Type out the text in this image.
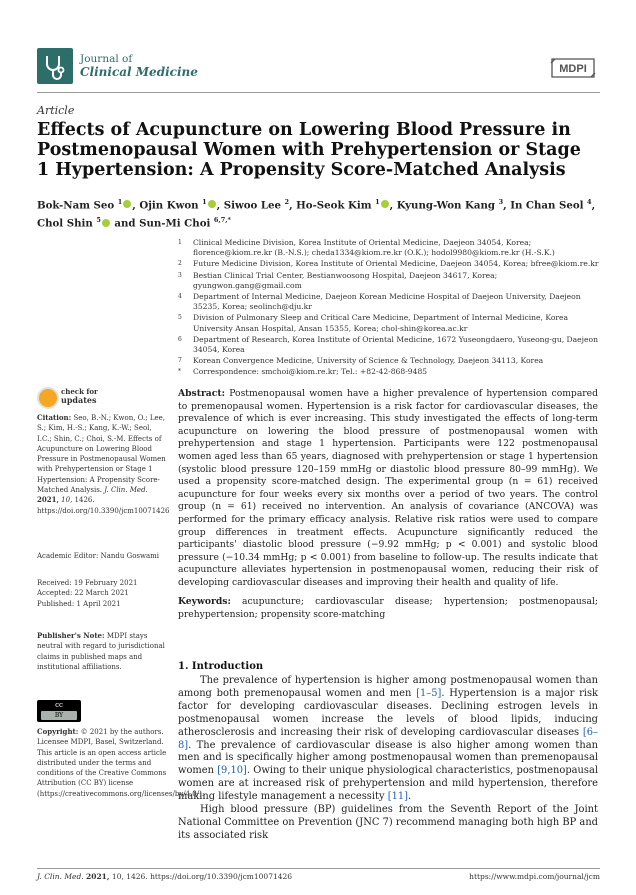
Journal of
Clinical Medicine	MDPI
Article
Effects of Acupuncture on Lowering Blood Pressure in Postmenopausal Women with Prehypertension or Stage 1 Hypertension: A Propensity Score-Matched Analysis
Bok-Nam Seo $^1$ , Ojin Kwon $^1$ , Siwoo Lee $^2$, Ho-Seok Kim $^1$ , Kyung-Won Kang $^3$, In Chan Seol $^4$, Chol Shin $^5$ and Sun-Mi Choi $^{6,7,*}$
1 Clinical Medicine Division, Korea Institute of Oriental Medicine, Daejeon 34054, Korea; florence@kiom.re.kr (B.-N.S.); cheda1334@kiom.re.kr (O.K.); hodol9980@kiom.re.kr (H.-S.K.)
2 Future Medicine Division, Korea Institute of Oriental Medicine, Daejeon 34054, Korea; bfree@kiom.re.kr
3 Bestian Clinical Trial Center, Bestianwoosong Hospital, Daejeon 34617, Korea; gyungwon.gang@gmail.com
4 Department of Internal Medicine, Daejeon Korean Medicine Hospital of Daejeon University, Daejeon 35235, Korea; seolinch@dju.kr
5 Division of Pulmonary Sleep and Critical Care Medicine, Department of Internal Medicine, Korea University Ansan Hospital, Ansan 15355, Korea; chol-shin@korea.ac.kr
6 Department of Research, Korea Institute of Oriental Medicine, 1672 Yuseongdaero, Yuseong-gu, Daejeon 34054, Korea
7 Korean Convergence Medicine, University of Science & Technology, Daejeon 34113, Korea
* Correspondence: smchoi@kiom.re.kr; Tel.: +82-42-868-9485
check for
updates
Citation: Seo, B.-N.; Kwon, O.; Lee, S.; Kim, H.-S.; Kang, K.-W.; Seol, I.C.; Shin, C.; Choi, S.-M. Effects of Acupuncture on Lowering Blood Pressure in Postmenopausal Women with Prehypertension or Stage 1 Hypertension: A Propensity Score-Matched Analysis. J. Clin. Med. 2021, 10, 1426. https://doi.org/10.3390/jcm10071426
Academic Editor: Nandu Goswami
Received: 19 February 2021
Accepted: 22 March 2021
Published: 1 April 2021
Publisher's Note: MDPI stays neutral with regard to jurisdictional claims in published maps and institutional affiliations.
cc
BY
Copyright: © 2021 by the authors. Licensee MDPI, Basel, Switzerland. This article is an open access article distributed under the terms and conditions of the Creative Commons Attribution (CC BY) license (https://creativecommons.org/licenses/by/4.0/).
Abstract: Postmenopausal women have a higher prevalence of hypertension compared to premenopausal women. Hypertension is a risk factor for cardiovascular diseases, the prevalence of which is ever increasing. This study investigated the effects of long-term acupuncture on lowering the blood pressure of postmenopausal women with prehypertension and stage 1 hypertension. Participants were 122 postmenopausal women aged less than 65 years, diagnosed with prehypertension or stage 1 hypertension (systolic blood pressure 120–159 mmHg or diastolic blood pressure 80–99 mmHg). We used a propensity score-matched design. The experimental group (n = 61) received acupuncture for four weeks every six months over a period of two years. The control group (n = 61) received no intervention. An analysis of covariance (ANCOVA) was performed for the primary efficacy analysis. Relative risk ratios were used to compare group differences in treatment effects. Acupuncture significantly reduced the participants' diastolic blood pressure (−9.92 mmHg; p < 0.001) and systolic blood pressure (−10.34 mmHg; p < 0.001) from baseline to follow-up. The results indicate that acupuncture alleviates hypertension in postmenopausal women, reducing their risk of developing cardiovascular diseases and improving their health and quality of life.
Keywords: acupuncture; cardiovascular disease; hypertension; postmenopausal; prehypertension; propensity score-matching
1. Introduction

The prevalence of hypertension is higher among postmenopausal women than among both premenopausal women and men [1–5]. Hypertension is a major risk factor for developing cardiovascular diseases. Declining estrogen levels in postmenopausal women increase the levels of blood lipids, inducing atherosclerosis and increasing their risk of developing cardiovascular diseases [6–8]. The prevalence of cardiovascular disease is also higher among women than men and is specifically higher among postmenopausal women than premenopausal women [9,10]. Owing to their unique physiological characteristics, postmenopausal women are at increased risk of prehypertension and mild hypertension, therefore making lifestyle management a necessity [11].

High blood pressure (BP) guidelines from the Seventh Report of the Joint National Committee on Prevention (JNC 7) recommend managing both high BP and its associated risk

J. Clin. Med. 2021, 10, 1426. https://doi.org/10.3390/jcm10071426	https://www.mdpi.com/journal/jcm
